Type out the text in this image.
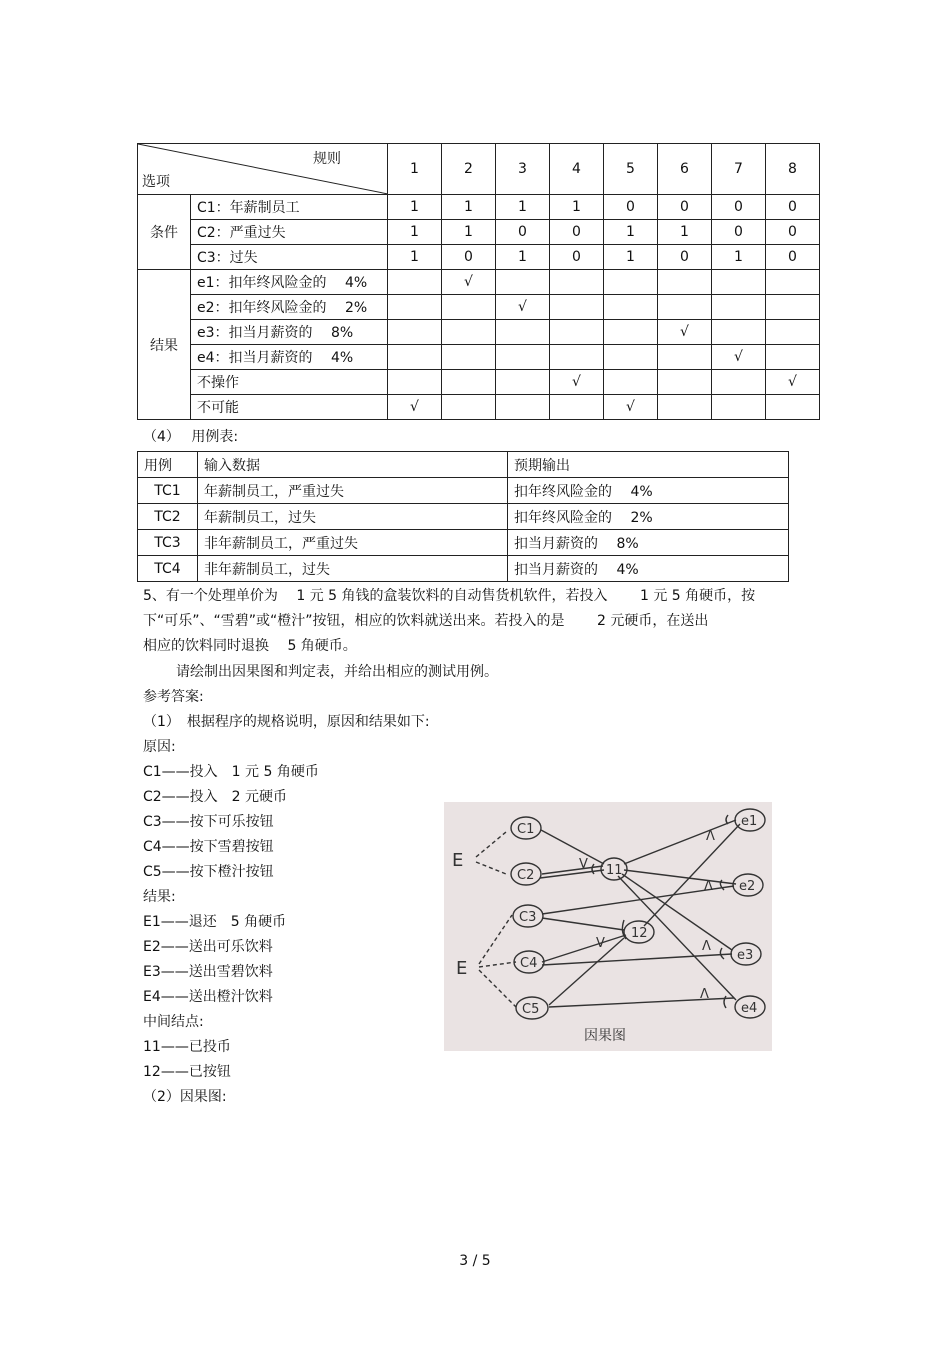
规则
选项		1	2	3	4	5	6	7	8
条件	C1：年薪制员工	1	1	1	1	0	0	0	0
	C2：严重过失	1	1	0	0	1	1	0	0
	C3：过失	1	0	1	0	1	0	1	0
结果	e1：扣年终风险金的　 4%		√						
	e2：扣年终风险金的　 2%			√					
	e3：扣当月薪资的　 8%						√		
	e4：扣当月薪资的　 4%							√	
	不操作				√				√
	不可能	√				√			
（4）　 用例表:
用例	输入数据	预期输出
TC1	年薪制员工，严重过失	扣年终风险金的　 4%
TC2	年薪制员工，过失	扣年终风险金的　 2%
TC3	非年薪制员工，严重过失	扣当月薪资的　 8%
TC4	非年薪制员工，过失	扣当月薪资的　 4%
5、有一个处理单价为　 1 元 5 角钱的盒装饮料的自动售货机软件，若投入　　 1 元 5 角硬币，按
下“可乐”、“雪碧”或“橙汁”按钮，相应的饮料就送出来。若投入的是　　 2 元硬币，在送出
相应的饮料同时退换　 5 角硬币。
请绘制出因果图和判定表，并给出相应的测试用例。
参考答案:
（1）　根据程序的规格说明，原因和结果如下:
原因:
C1——投入　1 元 5 角硬币
C2——投入　2 元硬币
C3——按下可乐按钮
C4——按下雪碧按钮
C5——按下橙汁按钮
结果:
E1——退还　5 角硬币
E2——送出可乐饮料
E3——送出雪碧饮料
E4——送出橙汁饮料
中间结点:
11——已投币
12——已按钮
（2）因果图:
E
E
C1
C2
C3
C4
C5
11
12
e1
e2
e3
e4
V
V
Λ
Λ
Λ
Λ
因果图
3 / 5
